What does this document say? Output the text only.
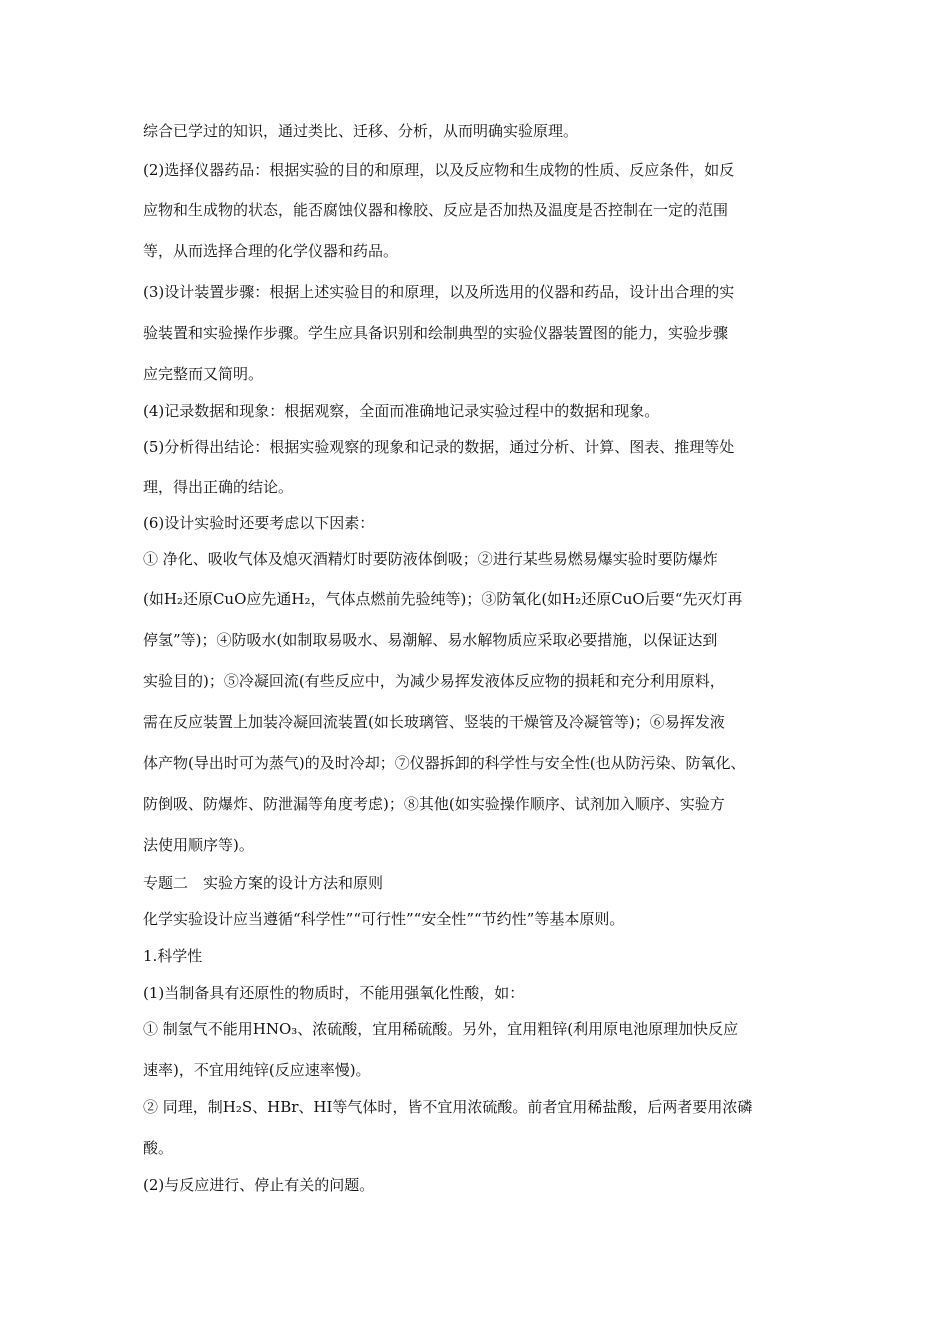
综合已学过的知识，通过类比、迁移、分析，从而明确实验原理。
(2)选择仪器药品：根据实验的目的和原理，以及反应物和生成物的性质、反应条件，如反
应物和生成物的状态，能否腐蚀仪器和橡胶、反应是否加热及温度是否控制在一定的范围
等，从而选择合理的化学仪器和药品。
(3)设计装置步骤：根据上述实验目的和原理，以及所选用的仪器和药品，设计出合理的实
验装置和实验操作步骤。学生应具备识别和绘制典型的实验仪器装置图的能力，实验步骤
应完整而又简明。
(4)记录数据和现象：根据观察，全面而准确地记录实验过程中的数据和现象。
(5)分析得出结论：根据实验观察的现象和记录的数据，通过分析、计算、图表、推理等处
理，得出正确的结论。
(6)设计实验时还要考虑以下因素：
① 净化、吸收气体及熄灭酒精灯时要防液体倒吸；②进行某些易燃易爆实验时要防爆炸
(如H₂还原CuO应先通H₂，气体点燃前先验纯等)；③防氧化(如H₂还原CuO后要“先灭灯再
停氢”等)；④防吸水(如制取易吸水、易潮解、易水解物质应采取必要措施，以保证达到
实验目的)；⑤冷凝回流(有些反应中，为减少易挥发液体反应物的损耗和充分利用原料，
需在反应装置上加装冷凝回流装置(如长玻璃管、竖装的干燥管及冷凝管等)；⑥易挥发液
体产物(导出时可为蒸气)的及时冷却；⑦仪器拆卸的科学性与安全性(也从防污染、防氧化、
防倒吸、防爆炸、防泄漏等角度考虑)；⑧其他(如实验操作顺序、试剂加入顺序、实验方
法使用顺序等)。
专题二　实验方案的设计方法和原则
化学实验设计应当遵循“科学性”“可行性”“安全性”“节约性”等基本原则。
1.科学性
(1)当制备具有还原性的物质时，不能用强氧化性酸，如：
① 制氢气不能用HNO₃、浓硫酸，宜用稀硫酸。另外，宜用粗锌(利用原电池原理加快反应
速率)，不宜用纯锌(反应速率慢)。
② 同理，制H₂S、HBr、HI等气体时，皆不宜用浓硫酸。前者宜用稀盐酸，后两者要用浓磷
酸。
(2)与反应进行、停止有关的问题。
